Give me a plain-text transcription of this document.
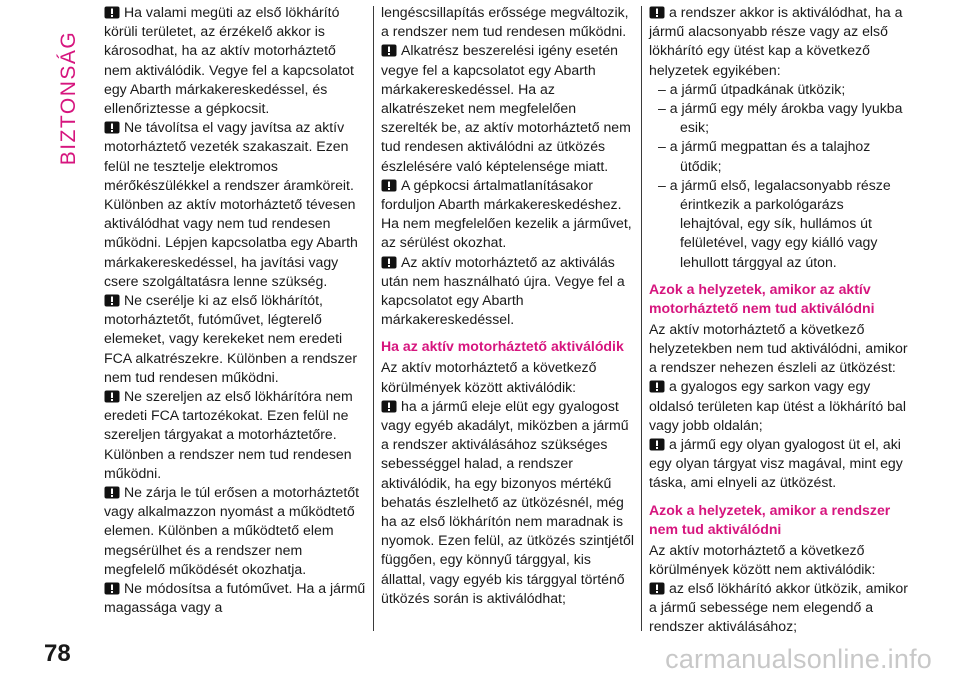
BIZTONSÁG

Ha valami megüti az első lökhárító körüli területet, az érzékelő akkor is károsodhat, ha az aktív motorháztető nem aktiválódik. Vegye fel a kapcsolatot egy Abarth márkakereskedéssel, és ellenőriztesse a gépkocsit.

Ne távolítsa el vagy javítsa az aktív motorháztető vezeték szakaszait. Ezen felül ne tesztelje elektromos mérőkészülékkel a rendszer áramköreit. Különben az aktív motorháztető tévesen aktiválódhat vagy nem tud rendesen működni. Lépjen kapcsolatba egy Abarth márkakereskedéssel, ha javítási vagy csere szolgáltatásra lenne szükség.

Ne cserélje ki az első lökhárítót, motorháztetőt, futóművet, légterelő elemeket, vagy kerekeket nem eredeti FCA alkatrészekre. Különben a rendszer nem tud rendesen működni.

Ne szereljen az első lökhárítóra nem eredeti FCA tartozékokat. Ezen felül ne szereljen tárgyakat a motorháztetőre. Különben a rendszer nem tud rendesen működni.

Ne zárja le túl erősen a motorháztetőt vagy alkalmazzon nyomást a működtető elemen. Különben a működtető elem megsérülhet és a rendszer nem megfelelő működését okozhatja.

Ne módosítsa a futóművet. Ha a jármű magassága vagy a

lengéscsillapítás erőssége megváltozik, a rendszer nem tud rendesen működni.

Alkatrész beszerelési igény esetén vegye fel a kapcsolatot egy Abarth márkakereskedéssel. Ha az alkatrészeket nem megfelelően szerelték be, az aktív motorháztető nem tud rendesen aktiválódni az ütközés észlelésére való képtelensége miatt.

A gépkocsi ártalmatlanításakor forduljon Abarth márkakereskedéshez. Ha nem megfelelően kezelik a járművet, az sérülést okozhat.

Az aktív motorháztető az aktiválás után nem használható újra. Vegye fel a kapcsolatot egy Abarth márkakereskedéssel.

Ha az aktív motorháztető aktiválódik

Az aktív motorháztető a következő körülmények között aktiválódik:

ha a jármű eleje elüt egy gyalogost vagy egyéb akadályt, miközben a jármű a rendszer aktiválásához szükséges sebességgel halad, a rendszer aktiválódik, ha egy bizonyos mértékű behatás észlelhető az ütközésnél, még ha az első lökhárítón nem maradnak is nyomok. Ezen felül, az ütközés szintjétől függően, egy könnyű tárggyal, kis állattal, vagy egyéb kis tárggyal történő ütközés során is aktiválódhat;

a rendszer akkor is aktiválódhat, ha a jármű alacsonyabb része vagy az első lökhárító egy ütést kap a következő helyzetek egyikében:

– a jármű útpadkának ütközik;
– a jármű egy mély árokba vagy lyukba esik;
– a jármű megpattan és a talajhoz ütődik;
– a jármű első, legalacsonyabb része érintkezik a parkológarázs lehajtóval, egy sík, hullámos út felületével, vagy egy kiálló vagy lehullott tárggyal az úton.

Azok a helyzetek, amikor az aktív motorháztető nem tud aktiválódni

Az aktív motorháztető a következő helyzetekben nem tud aktiválódni, amikor a rendszer nehezen észleli az ütközést:

a gyalogos egy sarkon vagy egy oldalsó területen kap ütést a lökhárító bal vagy jobb oldalán;

a jármű egy olyan gyalogost üt el, aki egy olyan tárgyat visz magával, mint egy táska, ami elnyeli az ütközést.

Azok a helyzetek, amikor a rendszer nem tud aktiválódni

Az aktív motorháztető a következő körülmények között nem aktiválódik:

az első lökhárító akkor ütközik, amikor a jármű sebessége nem elegendő a rendszer aktiválásához;

78	carmanualsonline.info
